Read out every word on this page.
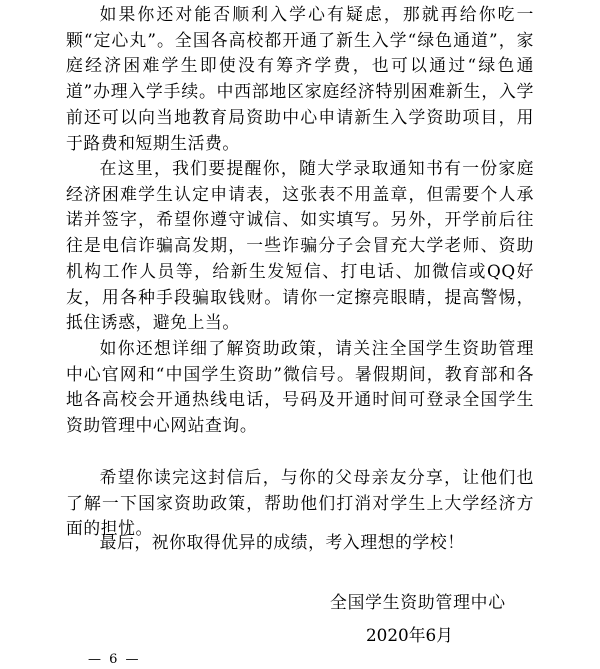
如果你还对能否顺利入学心有疑虑，那就再给你吃一颗“定心丸”。全国各高校都开通了新生入学“绿色通道”，家庭经济困难学生即使没有筹齐学费，也可以通过“绿色通道”办理入学手续。中西部地区家庭经济特别困难新生，入学前还可以向当地教育局资助中心申请新生入学资助项目，用于路费和短期生活费。

在这里，我们要提醒你，随大学录取通知书有一份家庭经济困难学生认定申请表，这张表不用盖章，但需要个人承诺并签字，希望你遵守诚信、如实填写。另外，开学前后往往是电信诈骗高发期，一些诈骗分子会冒充大学老师、资助机构工作人员等，给新生发短信、打电话、加微信或QQ好友，用各种手段骗取钱财。请你一定擦亮眼睛，提高警惕，抵住诱惑，避免上当。

如你还想详细了解资助政策，请关注全国学生资助管理中心官网和“中国学生资助”微信号。暑假期间，教育部和各地各高校会开通热线电话，号码及开通时间可登录全国学生资助管理中心网站查询。

希望你读完这封信后，与你的父母亲友分享，让他们也了解一下国家资助政策，帮助他们打消对学生上大学经济方面的担忧。

最后，祝你取得优异的成绩，考入理想的学校！

全国学生资助管理中心
2020年6月
— 6 —
